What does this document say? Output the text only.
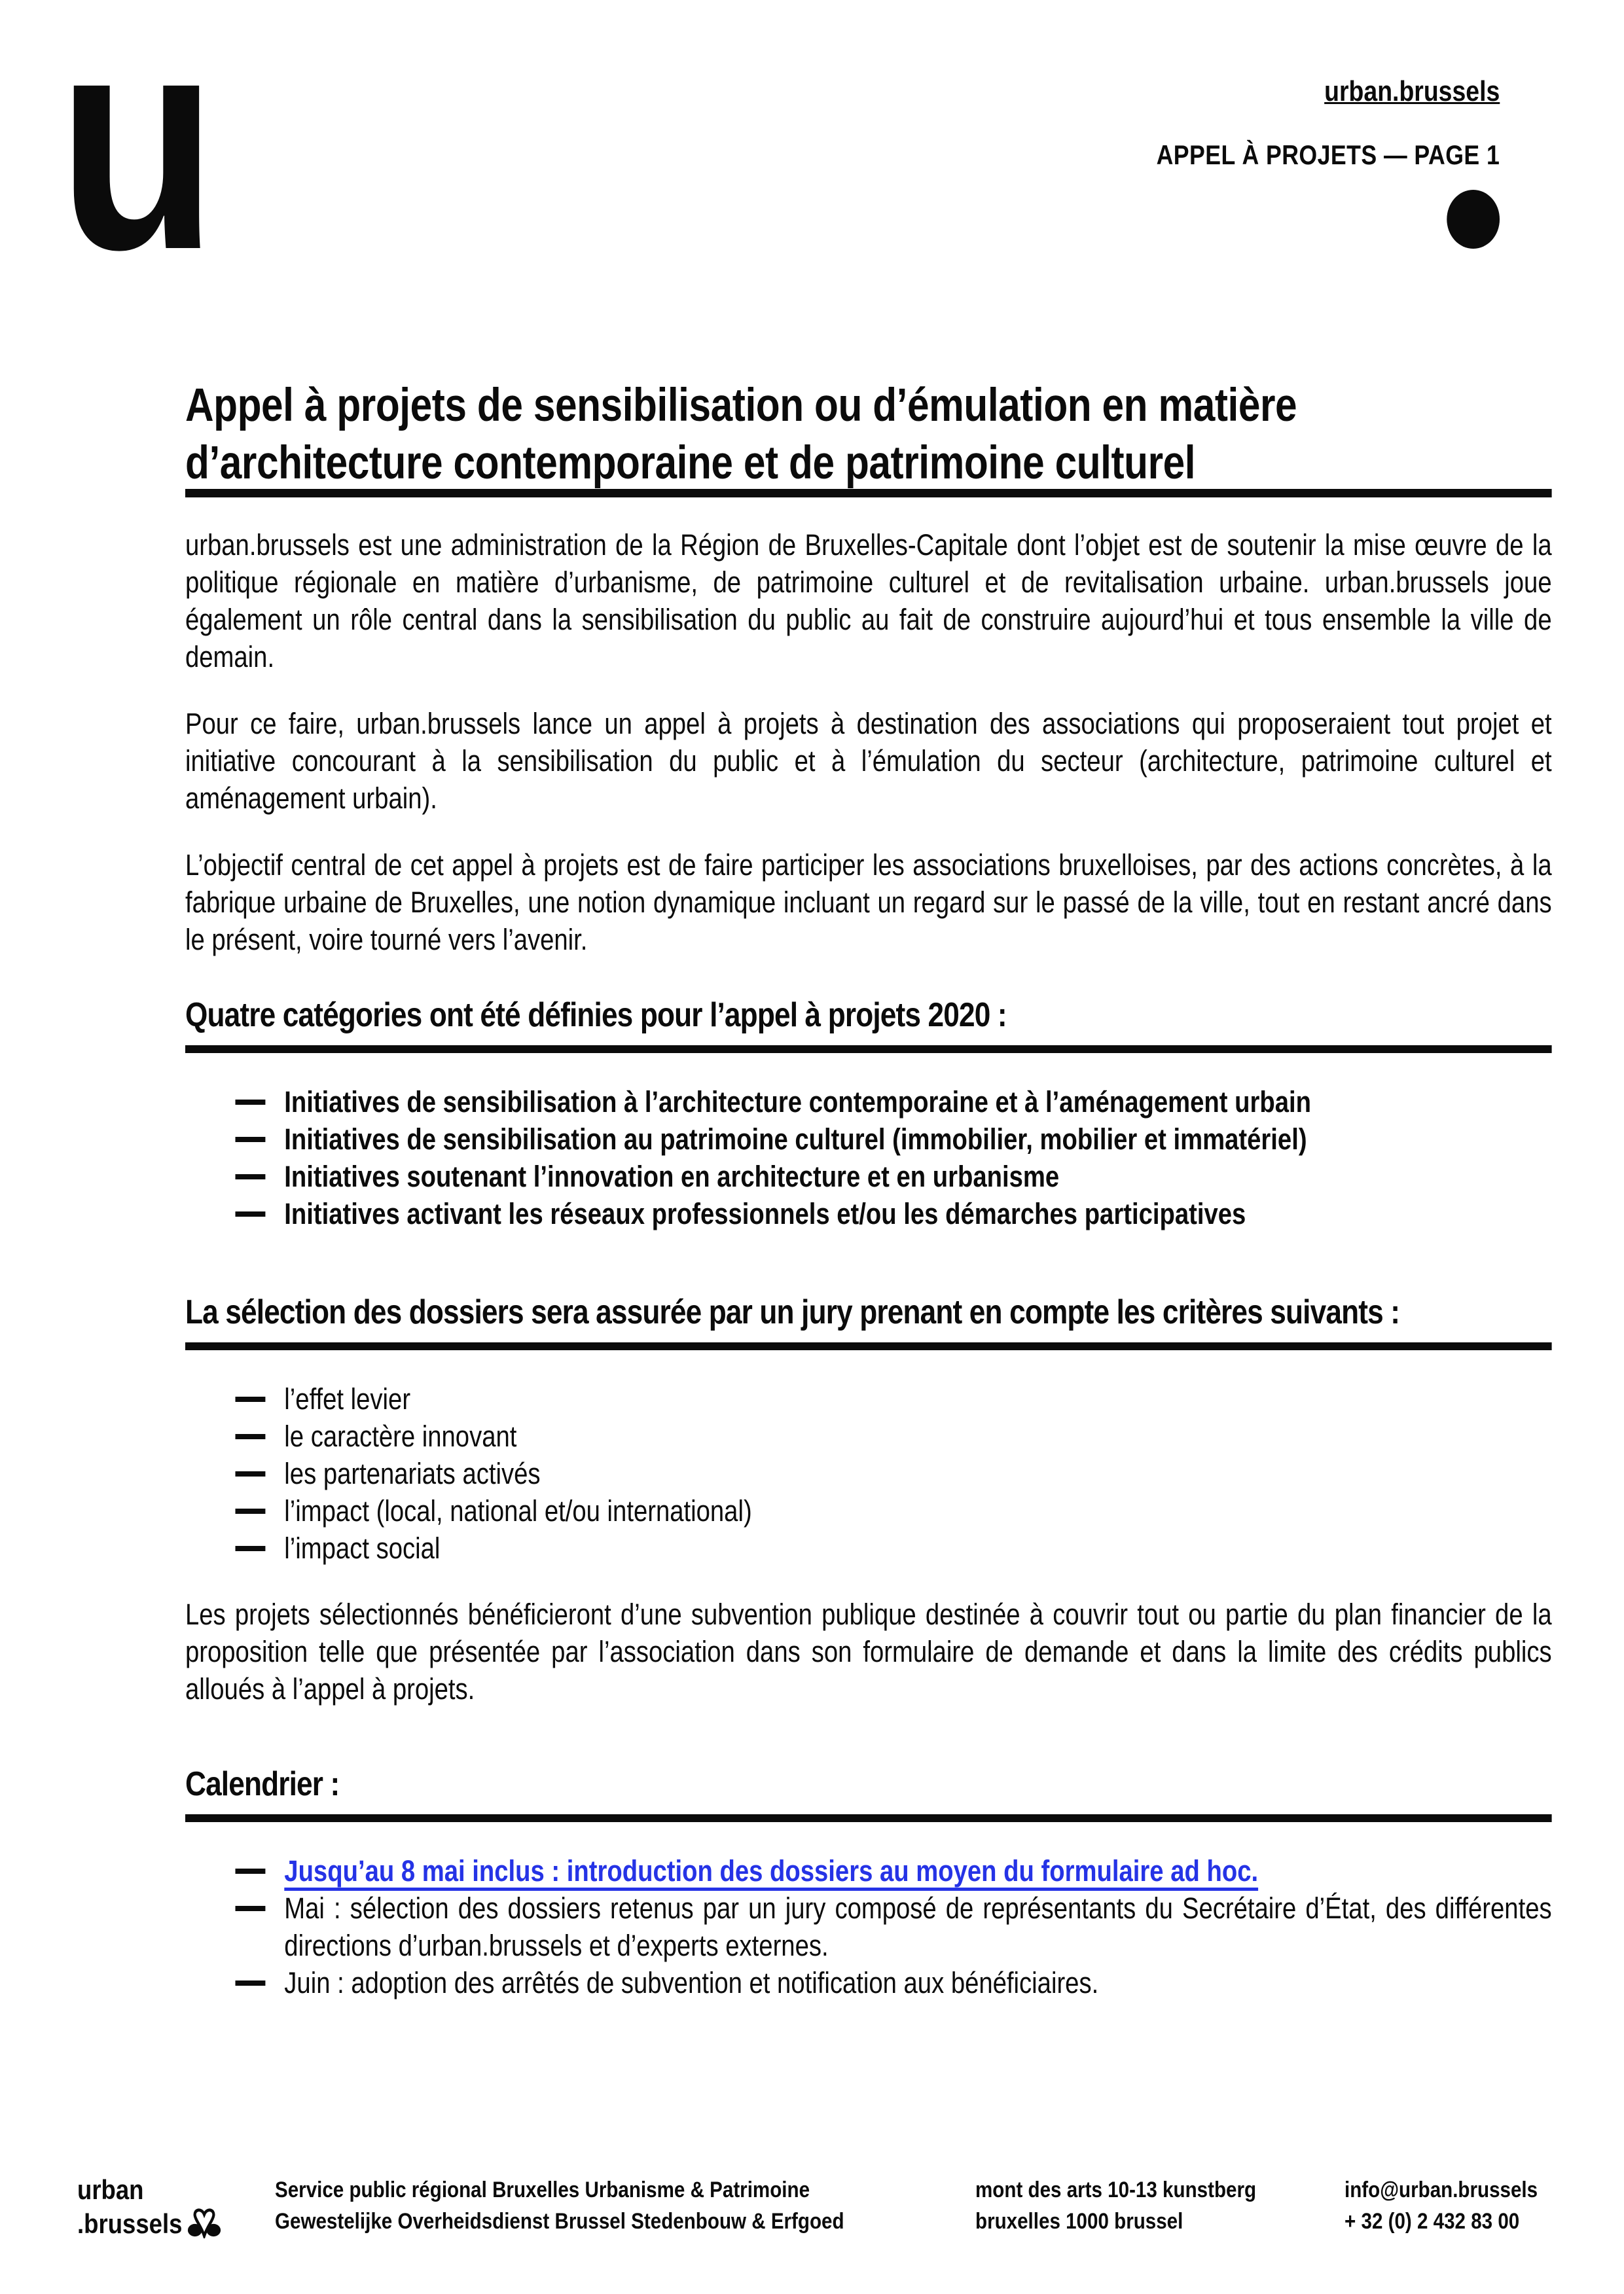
u	urban.brussels
APPEL À PROJETS — PAGE 1
Appel à projets de sensibilisation ou d’émulation en matière
d’architecture contemporaine et de patrimoine culturel

urban.brussels est une administration de la Région de Bruxelles-Capitale dont l’objet est de soutenir la mise œuvre de la politique régionale en matière d’urbanisme, de patrimoine culturel et de revitalisation urbaine. urban.brussels joue également un rôle central dans la sensibilisation du public au fait de construire aujourd’hui et tous ensemble la ville de demain.

Pour ce faire, urban.brussels lance un appel à projets à destination des associations qui proposeraient tout projet et initiative concourant à la sensibilisation du public et à l’émulation du secteur (architecture, patrimoine culturel et aménagement urbain).

L’objectif central de cet appel à projets est de faire participer les associations bruxelloises, par des actions concrètes, à la fabrique urbaine de Bruxelles, une notion dynamique incluant un regard sur le passé de la ville, tout en restant ancré dans le présent, voire tourné vers l’avenir.

Quatre catégories ont été définies pour l’appel à projets 2020 :
Initiatives de sensibilisation à l’architecture contemporaine et à l’aménagement urbain
Initiatives de sensibilisation au patrimoine culturel (immobilier, mobilier et immatériel)
Initiatives soutenant l’innovation en architecture et en urbanisme
Initiatives activant les réseaux professionnels et/ou les démarches participatives
La sélection des dossiers sera assurée par un jury prenant en compte les critères suivants :
l’effet levier
le caractère innovant
les partenariats activés
l’impact (local, national et/ou international)
l’impact social

Les projets sélectionnés bénéficieront d’une subvention publique destinée à couvrir tout ou partie du plan financier de la proposition telle que présentée par l’association dans son formulaire de demande et dans la limite des crédits publics alloués à l’appel à projets.

Calendrier :
Jusqu’au 8 mai inclus : introduction des dossiers au moyen du formulaire ad hoc.
Mai : sélection des dossiers retenus par un jury composé de représentants du Secrétaire d’État, des différentes directions d’urban.brussels et d’experts externes.
Juin : adoption des arrêtés de subvention et notification aux bénéficiaires.
urban
.brussels
Service public régional Bruxelles Urbanisme & Patrimoine
Gewestelijke Overheidsdienst Brussel Stedenbouw & Erfgoed
mont des arts 10-13 kunstberg
bruxelles 1000 brussel
info@urban.brussels
+ 32 (0) 2 432 83 00
